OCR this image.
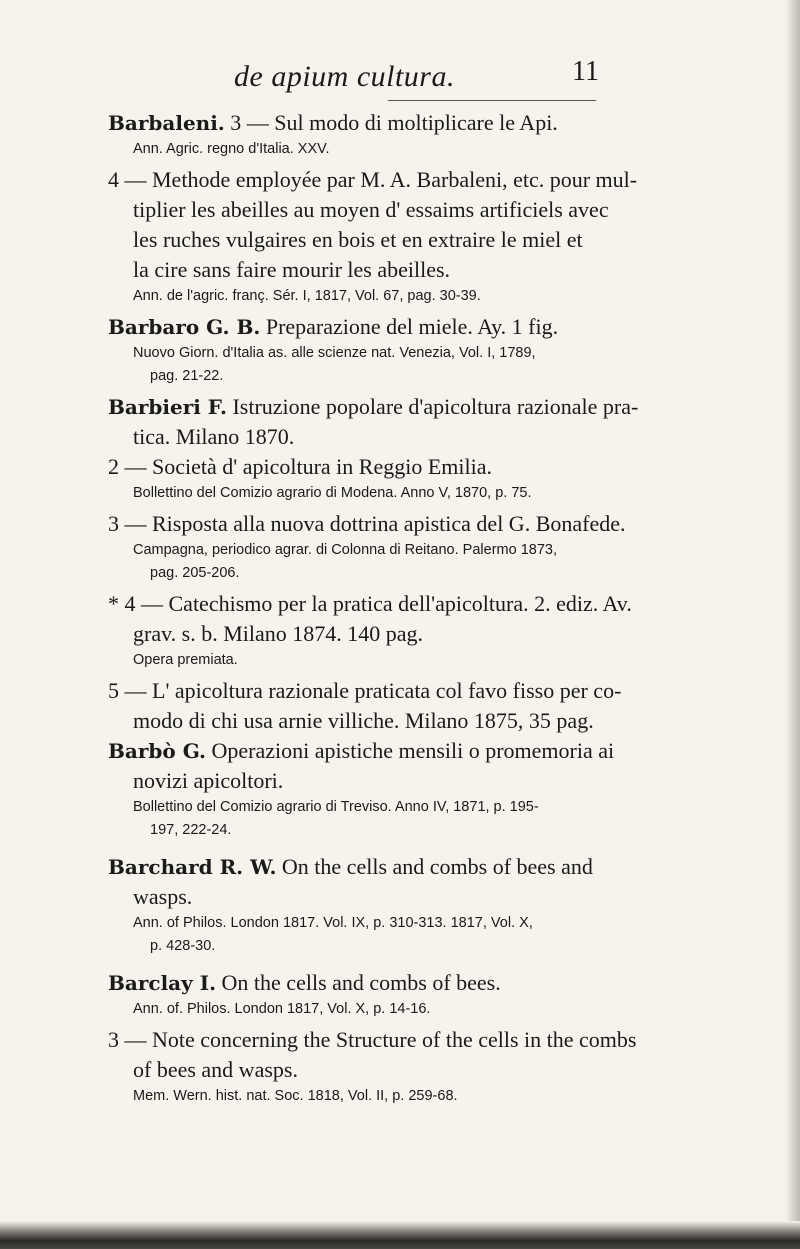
de apium cultura.	11
Barbaleni. 3 — Sul modo di moltiplicare le Api.
Ann. Agric. regno d'Italia. XXV.
4 — Methode employée par M. A. Barbaleni, etc. pour mul-
tiplier les abeilles au moyen d' essaims artificiels avec
les ruches vulgaires en bois et en extraire le miel et
la cire sans faire mourir les abeilles.
Ann. de l'agric. franç. Sér. I, 1817, Vol. 67, pag. 30-39.
Barbaro G. B. Preparazione del miele. Ay. 1 fig.
Nuovo Giorn. d'Italia as. alle scienze nat. Venezia, Vol. I, 1789,
pag. 21-22.
Barbieri F. Istruzione popolare d'apicoltura razionale pra-
tica. Milano 1870.
2 — Società d' apicoltura in Reggio Emilia.
Bollettino del Comizio agrario di Modena. Anno V, 1870, p. 75.
3 — Risposta alla nuova dottrina apistica del G. Bonafede.
Campagna, periodico agrar. di Colonna di Reitano. Palermo 1873,
pag. 205-206.
* 4 — Catechismo per la pratica dell'apicoltura. 2. ediz. Av.
grav. s. b. Milano 1874. 140 pag.
Opera premiata.
5 — L' apicoltura razionale praticata col favo fisso per co-
modo di chi usa arnie villiche. Milano 1875, 35 pag.
Barbò G. Operazioni apistiche mensili o promemoria ai
novizi apicoltori.
Bollettino del Comizio agrario di Treviso. Anno IV, 1871, p. 195-
197, 222-24.
Barchard R. W. On the cells and combs of bees and
wasps.
Ann. of Philos. London 1817. Vol. IX, p. 310-313. 1817, Vol. X,
p. 428-30.
Barclay I. On the cells and combs of bees.
Ann. of. Philos. London 1817, Vol. X, p. 14-16.
3 — Note concerning the Structure of the cells in the combs
of bees and wasps.
Mem. Wern. hist. nat. Soc. 1818, Vol. II, p. 259-68.
